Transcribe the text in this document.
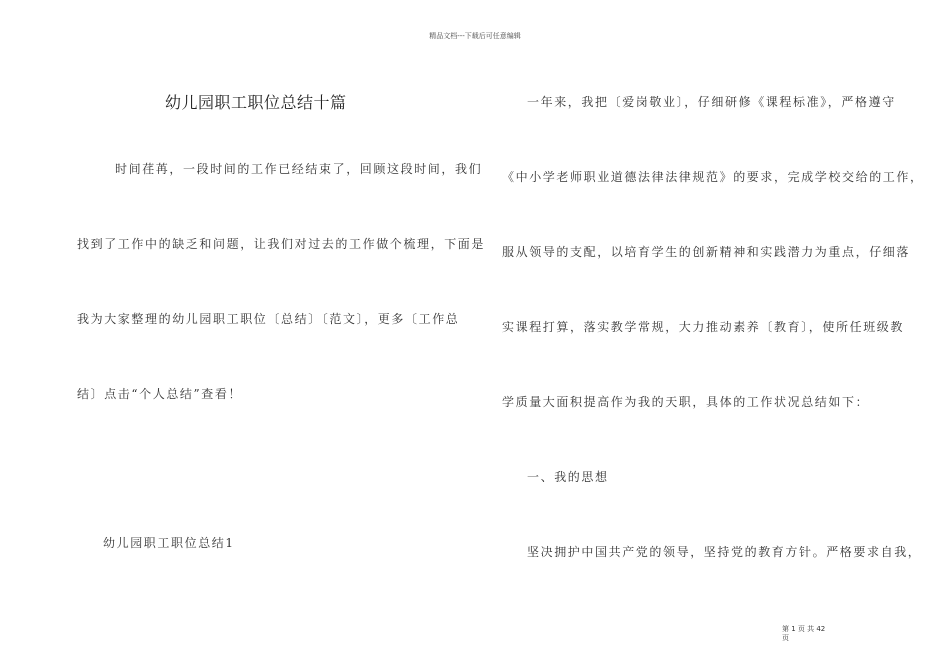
精品文档---下载后可任意编辑
幼儿园职工职位总结十篇
时间荏苒，一段时间的工作已经结束了，回顾这段时间，我们
找到了工作中的缺乏和问题，让我们对过去的工作做个梳理，下面是
我为大家整理的幼儿园职工职位〔总结〕〔范文〕，更多〔工作总
结〕点击“个人总结”查看！
幼儿园职工职位总结1
一年来，我把〔爱岗敬业〕，仔细研修《课程标准》，严格遵守
《中小学老师职业道德法律法律规范》的要求，完成学校交给的工作，
服从领导的支配，以培育学生的创新精神和实践潜力为重点，仔细落
实课程打算，落实教学常规，大力推动素养〔教育〕，使所任班级教
学质量大面积提高作为我的天职，具体的工作状况总结如下：
一、我的思想
坚决拥护中国共产党的领导，坚持党的教育方针。严格要求自我，
第 1 页 共 42
页
